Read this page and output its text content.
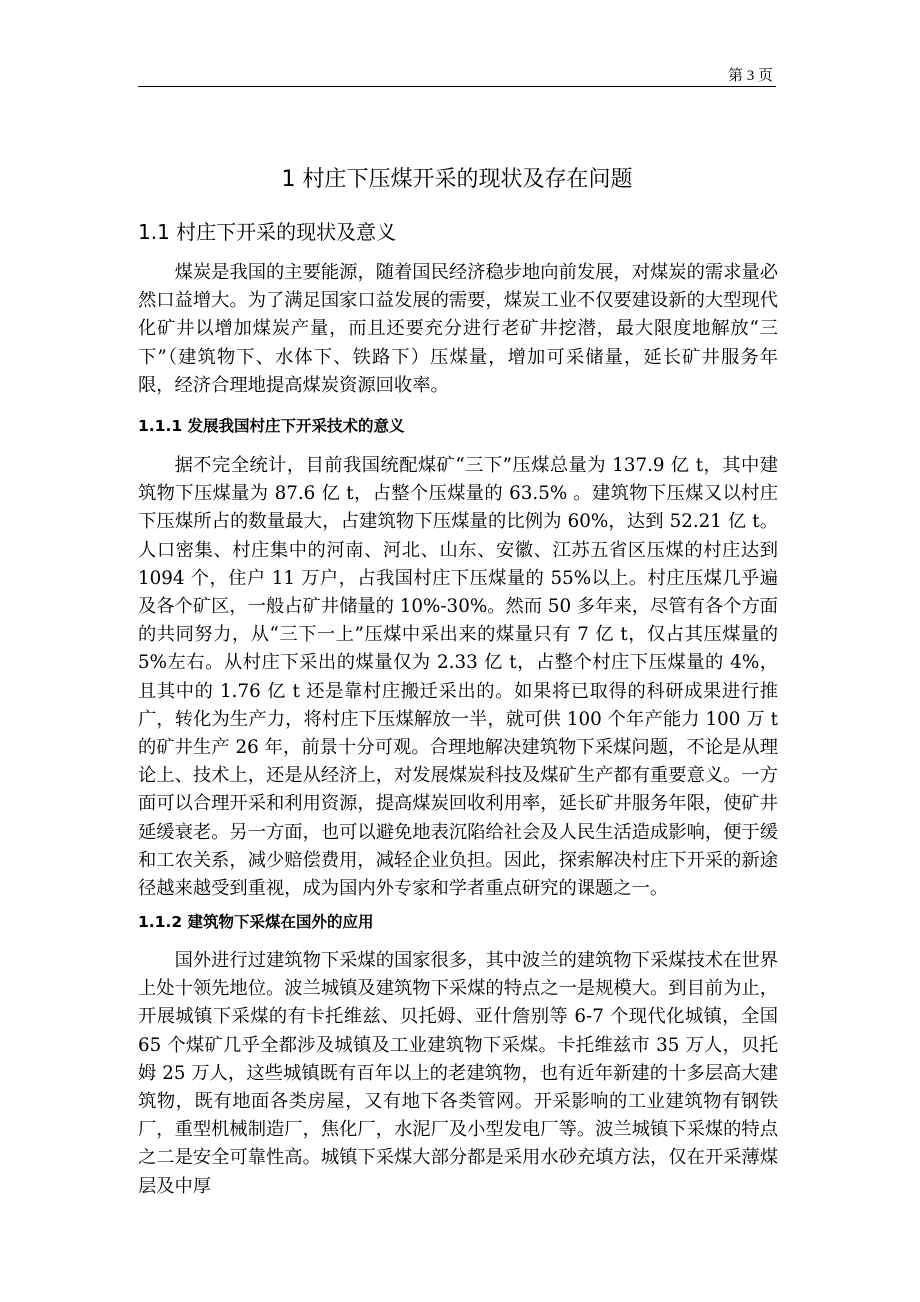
第 3 页
1 村庄下压煤开采的现状及存在问题
1.1 村庄下开采的现状及意义

煤炭是我国的主要能源，随着国民经济稳步地向前发展，对煤炭的需求量必然口益增大。为了满足国家口益发展的需要，煤炭工业不仅要建设新的大型现代化矿井以增加煤炭产量，而且还要充分进行老矿井挖潜，最大限度地解放“三下”（建筑物下、水体下、铁路下）压煤量，增加可采储量，延长矿井服务年限，经济合理地提高煤炭资源回收率。

1.1.1 发展我国村庄下开采技术的意义

据不完全统计，目前我国统配煤矿“三下”压煤总量为 137.9 亿 t，其中建筑物下压煤量为 87.6 亿 t，占整个压煤量的 63.5% 。建筑物下压煤又以村庄下压煤所占的数量最大，占建筑物下压煤量的比例为 60%，达到 52.21 亿 t。人口密集、村庄集中的河南、河北、山东、安徽、江苏五省区压煤的村庄达到 1094 个，住户 11 万户，占我国村庄下压煤量的 55%以上。村庄压煤几乎遍及各个矿区，一般占矿井储量的 10%-30%。然而 50 多年来，尽管有各个方面的共同努力，从“三下一上”压煤中采出来的煤量只有 7 亿 t，仅占其压煤量的 5%左右。从村庄下采出的煤量仅为 2.33 亿 t，占整个村庄下压煤量的 4%，且其中的 1.76 亿 t 还是靠村庄搬迁采出的。如果将已取得的科研成果进行推广，转化为生产力，将村庄下压煤解放一半，就可供 100 个年产能力 100 万 t 的矿井生产 26 年，前景十分可观。合理地解决建筑物下采煤问题，不论是从理论上、技术上，还是从经济上，对发展煤炭科技及煤矿生产都有重要意义。一方面可以合理开采和利用资源，提高煤炭回收利用率，延长矿井服务年限，使矿井延缓衰老。另一方面，也可以避免地表沉陷给社会及人民生活造成影响，便于缓和工农关系，减少赔偿费用，减轻企业负担。因此，探索解决村庄下开采的新途径越来越受到重视，成为国内外专家和学者重点研究的课题之一。

1.1.2 建筑物下采煤在国外的应用

国外进行过建筑物下采煤的国家很多，其中波兰的建筑物下采煤技术在世界上处十领先地位。波兰城镇及建筑物下采煤的特点之一是规模大。到目前为止，开展城镇下采煤的有卡托维兹、贝托姆、亚什詹别等 6-7 个现代化城镇，全国 65 个煤矿几乎全都涉及城镇及工业建筑物下采煤。卡托维兹市 35 万人，贝托姆 25 万人，这些城镇既有百年以上的老建筑物，也有近年新建的十多层高大建筑物，既有地面各类房屋，又有地下各类管网。开采影响的工业建筑物有钢铁厂，重型机械制造厂，焦化厂，水泥厂及小型发电厂等。波兰城镇下采煤的特点之二是安全可靠性高。城镇下采煤大部分都是采用水砂充填方法，仅在开采薄煤层及中厚
